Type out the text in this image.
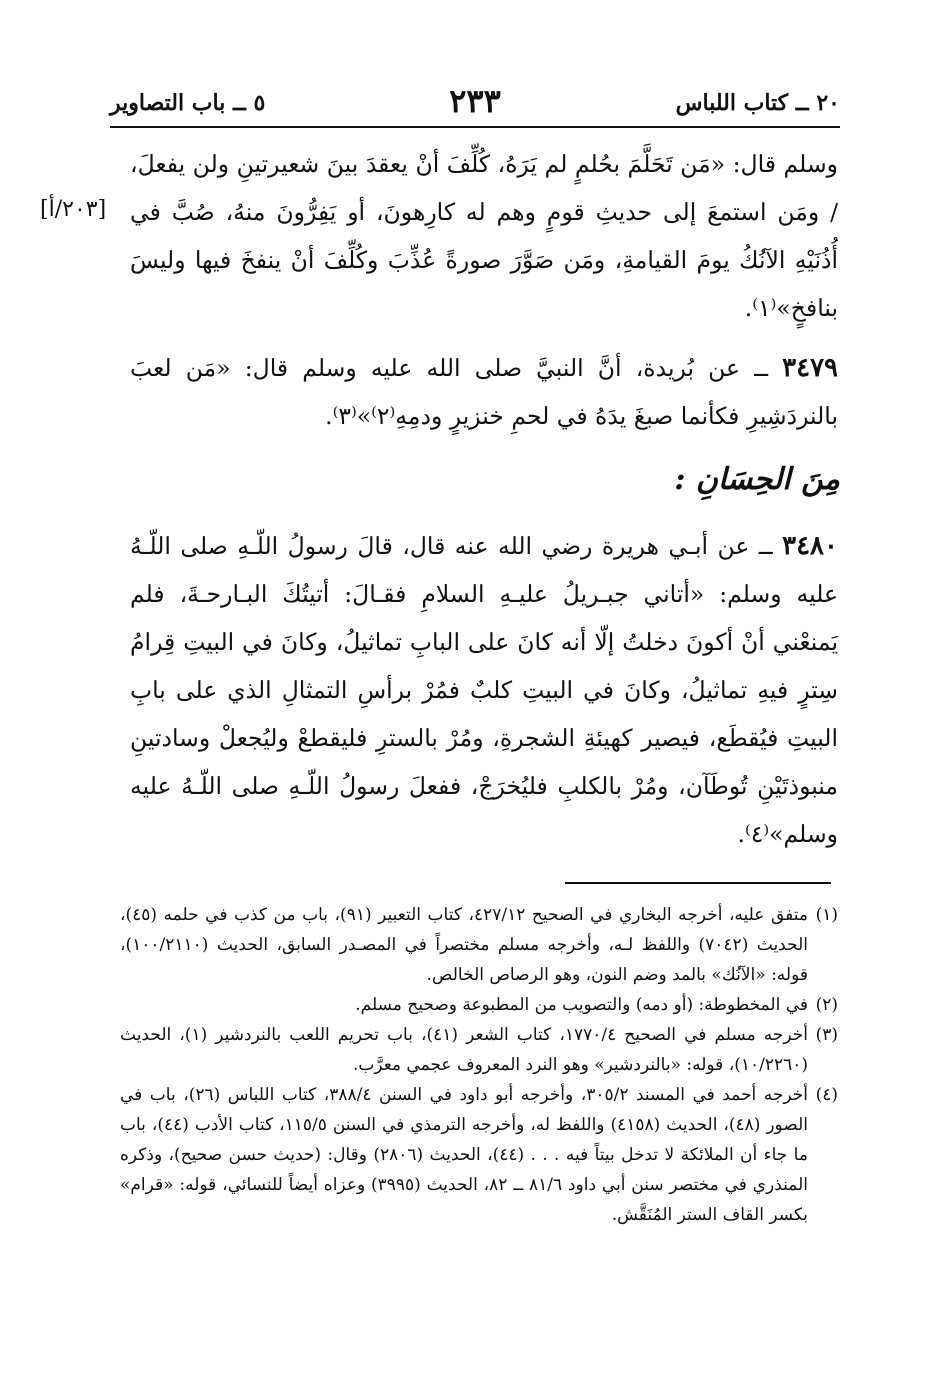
٢٠ ــ كتاب اللباس
٢٣٣
٥ ــ باب التصاوير
[٢٠٣/أ]

وسلم قال: «مَن تَحَلَّمَ بحُلمٍ لم يَرَهُ، كُلِّفَ أنْ يعقدَ بينَ شعيرتينِ ولن يفعلَ، / ومَن استمعَ إلى حديثِ قومٍ وهم له كارِهونَ، أو يَفِرُّونَ منهُ، صُبَّ في أُذُنَيْهِ الآنُكُ يومَ القيامةِ، ومَن صَوَّرَ صورةً عُذِّبَ وكُلِّفَ أنْ ينفخَ فيها وليسَ بنافخٍ»⁽١⁾.

٣٤٧٩ ــ عن بُريدة، أنَّ النبيَّ صلى الله عليه وسلم قال: «مَن لعبَ بالنردَشِيرِ فكأنما صبغَ يدَهُ في لحمِ خنزيرٍ ودمِهِ⁽٢⁾»⁽٣⁾.

مِنَ الحِسَانِ :

٣٤٨٠ ــ عن أبـي هريرة رضي الله عنه قال، قالَ رسولُ اللّـهِ صلى اللّـهُ عليه وسلم: «أتاني جبـريلُ عليـهِ السلامِ فقـالَ: أتيتُكَ البـارحـةَ، فلم يَمنعْني أنْ أكونَ دخلتُ إلّا أنه كانَ على البابِ تماثيلُ، وكانَ في البيتِ قِرامُ سِترٍ فيهِ تماثيلُ، وكانَ في البيتِ كلبٌ فمُرْ برأسِ التمثالِ الذي على بابِ البيتِ فيُقطَع، فيصير كهيئةِ الشجرةِ، ومُرْ بالسترِ فليقطعْ وليُجعلْ وسادتينِ منبوذتَيْنِ تُوطَآن، ومُرْ بالكلبِ فليُخرَجْ، ففعلَ رسولُ اللّـهِ صلى اللّـهُ عليه وسلم»⁽٤⁾.

(١)
متفق عليه، أخرجه البخاري في الصحيح ٤٢٧/١٢، كتاب التعبير (٩١)، باب من كذب في حلمه (٤٥)، الحديث (٧٠٤٢) واللفظ لـه، وأخرجه مسلم مختصراً في المصـدر السابق، الحديث (١٠٠/٢١١٠)، قوله: «الآنُك» بالمد وضم النون، وهو الرصاص الخالص.

(٢)
في المخطوطة: (أو دمه) والتصويب من المطبوعة وصحيح مسلم.

(٣)
أخرجه مسلم في الصحيح ١٧٧٠/٤، كتاب الشعر (٤١)، باب تحريم اللعب بالنردشير (١)، الحديث (١٠/٢٢٦٠)، قوله: «بالنردشير» وهو النرد المعروف عجمي معرَّب.

(٤)
أخرجه أحمد في المسند ٣٠٥/٢، وأخرجه أبو داود في السنن ٣٨٨/٤، كتاب اللباس (٢٦)، باب في الصور (٤٨)، الحديث (٤١٥٨) واللفظ له، وأخرجه الترمذي في السنن ١١٥/٥، كتاب الأدب (٤٤)، باب ما جاء أن الملائكة لا تدخل بيتاً فيه . . . (٤٤)، الحديث (٢٨٠٦) وقال: (حديث حسن صحيح)، وذكره المنذري في مختصر سنن أبي داود ٨١/٦ ــ ٨٢، الحديث (٣٩٩٥) وعزاه أيضاً للنسائي، قوله: «قرام» بكسر القاف الستر المُنَقَّش.
